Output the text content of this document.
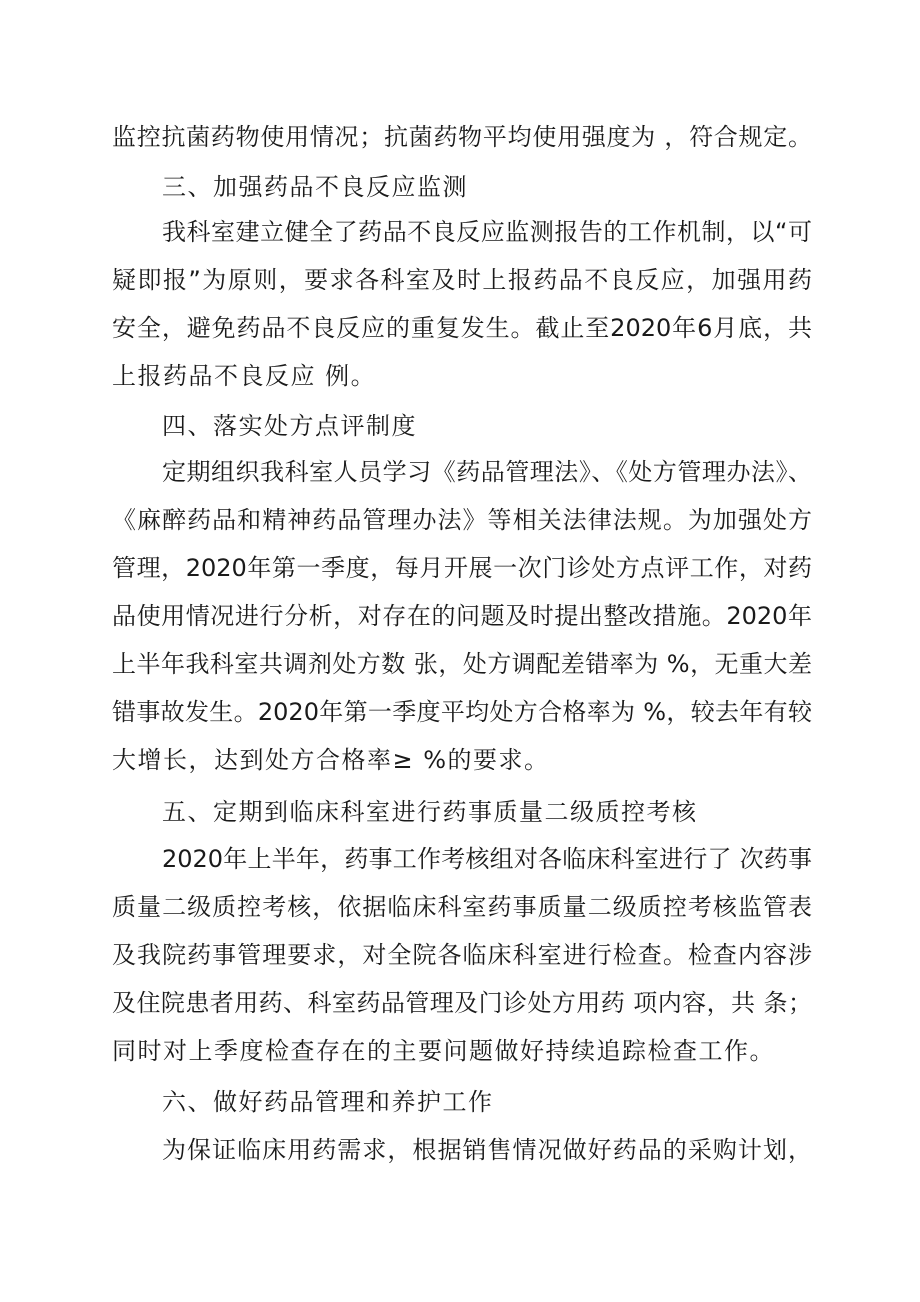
监控抗菌药物使用情况；抗菌药物平均使用强度为 ，符合规定。
三、加强药品不良反应监测
我科室建立健全了药品不良反应监测报告的工作机制，以“可
疑即报”为原则，要求各科室及时上报药品不良反应，加强用药
安全，避免药品不良反应的重复发生。截止至2020年6月底，共
上报药品不良反应 例。
四、落实处方点评制度
定期组织我科室人员学习《药品管理法》、《处方管理办法》、
《麻醉药品和精神药品管理办法》等相关法律法规。为加强处方
管理，2020年第一季度，每月开展一次门诊处方点评工作，对药
品使用情况进行分析，对存在的问题及时提出整改措施。2020年
上半年我科室共调剂处方数 张，处方调配差错率为 %，无重大差
错事故发生。2020年第一季度平均处方合格率为 %，较去年有较
大增长，达到处方合格率≥ %的要求。
五、定期到临床科室进行药事质量二级质控考核
2020年上半年，药事工作考核组对各临床科室进行了 次药事
质量二级质控考核，依据临床科室药事质量二级质控考核监管表
及我院药事管理要求，对全院各临床科室进行检查。检查内容涉
及住院患者用药、科室药品管理及门诊处方用药 项内容，共 条；
同时对上季度检查存在的主要问题做好持续追踪检查工作。
六、做好药品管理和养护工作
为保证临床用药需求，根据销售情况做好药品的采购计划，
